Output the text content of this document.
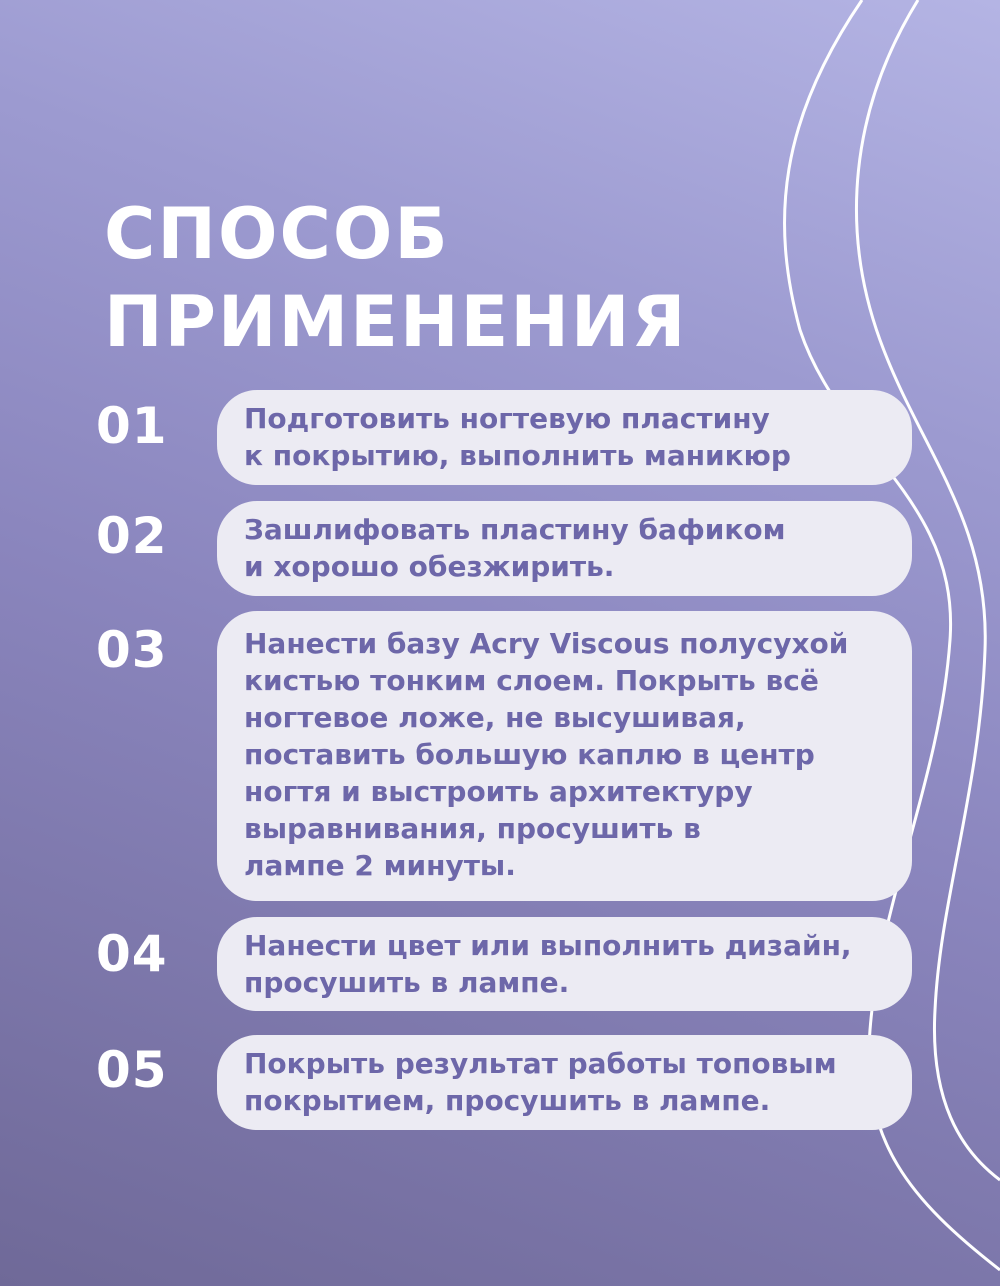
СПОСОБ
ПРИМЕНЕНИЯ
01	Подготовить ногтевую пластину
к покрытию, выполнить маникюр

02	Зашлифовать пластину бафиком
и хорошо обезжирить.

03	Нанести базу Acry Viscous полусухой
кистью тонким слоем. Покрыть всё
ногтевое ложе, не высушивая,
поставить большую каплю в центр
ногтя и выстроить архитектуру
выравнивания, просушить в
лампе 2 минуты.

04	Нанести цвет или выполнить дизайн,
просушить в лампе.

05	Покрыть результат работы топовым
покрытием, просушить в лампе.
